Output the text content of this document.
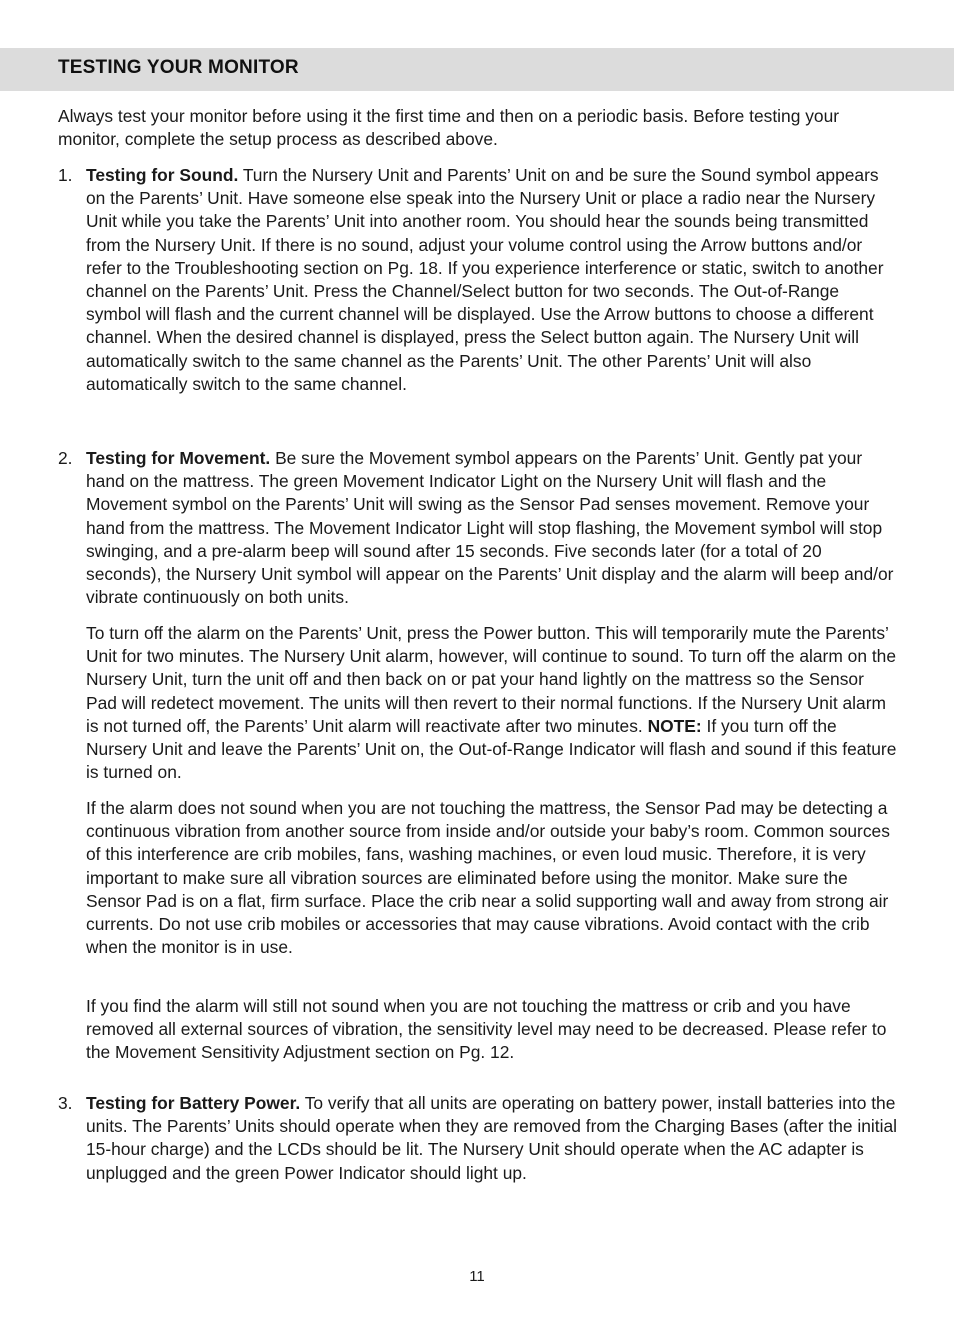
TESTING YOUR MONITOR

Always test your monitor before using it the first time and then on a periodic basis. Before testing your monitor, complete the setup process as described above.

1. Testing for Sound. Turn the Nursery Unit and Parents’ Unit on and be sure the Sound symbol appears on the Parents’ Unit. Have someone else speak into the Nursery Unit or place a radio near the Nursery Unit while you take the Parents’ Unit into another room. You should hear the sounds being transmitted from the Nursery Unit. If there is no sound, adjust your volume control using the Arrow buttons and/or refer to the Troubleshooting section on Pg. 18. If you experience interference or static, switch to another channel on the Parents’ Unit. Press the Channel/Select button for two seconds. The Out-of-Range symbol will flash and the current channel will be displayed. Use the Arrow buttons to choose a different channel. When the desired channel is displayed, press the Select button again. The Nursery Unit will automatically switch to the same channel as the Parents’ Unit. The other Parents’ Unit will also automatically switch to the same channel.

2. Testing for Movement. Be sure the Movement symbol appears on the Parents’ Unit. Gently pat your hand on the mattress. The green Movement Indicator Light on the Nursery Unit will flash and the Movement symbol on the Parents’ Unit will swing as the Sensor Pad senses movement. Remove your hand from the mattress. The Movement Indicator Light will stop flashing, the Movement symbol will stop swinging, and a pre-alarm beep will sound after 15 seconds. Five seconds later (for a total of 20 seconds), the Nursery Unit symbol will appear on the Parents’ Unit display and the alarm will beep and/or vibrate continuously on both units.

To turn off the alarm on the Parents’ Unit, press the Power button. This will temporarily mute the Parents’ Unit for two minutes. The Nursery Unit alarm, however, will continue to sound. To turn off the alarm on the Nursery Unit, turn the unit off and then back on or pat your hand lightly on the mattress so the Sensor Pad will redetect movement. The units will then revert to their normal functions. If the Nursery Unit alarm is not turned off, the Parents’ Unit alarm will reactivate after two minutes. NOTE: If you turn off the Nursery Unit and leave the Parents’ Unit on, the Out-of-Range Indicator will flash and sound if this feature is turned on.

If the alarm does not sound when you are not touching the mattress, the Sensor Pad may be detecting a continuous vibration from another source from inside and/or outside your baby’s room. Common sources of this interference are crib mobiles, fans, washing machines, or even loud music. Therefore, it is very important to make sure all vibration sources are eliminated before using the monitor. Make sure the Sensor Pad is on a flat, firm surface. Place the crib near a solid supporting wall and away from strong air currents. Do not use crib mobiles or accessories that may cause vibrations. Avoid contact with the crib when the monitor is in use.

If you find the alarm will still not sound when you are not touching the mattress or crib and you have removed all external sources of vibration, the sensitivity level may need to be decreased. Please refer to the Movement Sensitivity Adjustment section on Pg. 12.

3. Testing for Battery Power. To verify that all units are operating on battery power, install batteries into the units. The Parents’ Units should operate when they are removed from the Charging Bases (after the initial 15-hour charge) and the LCDs should be lit. The Nursery Unit should operate when the AC adapter is unplugged and the green Power Indicator should light up.

11
